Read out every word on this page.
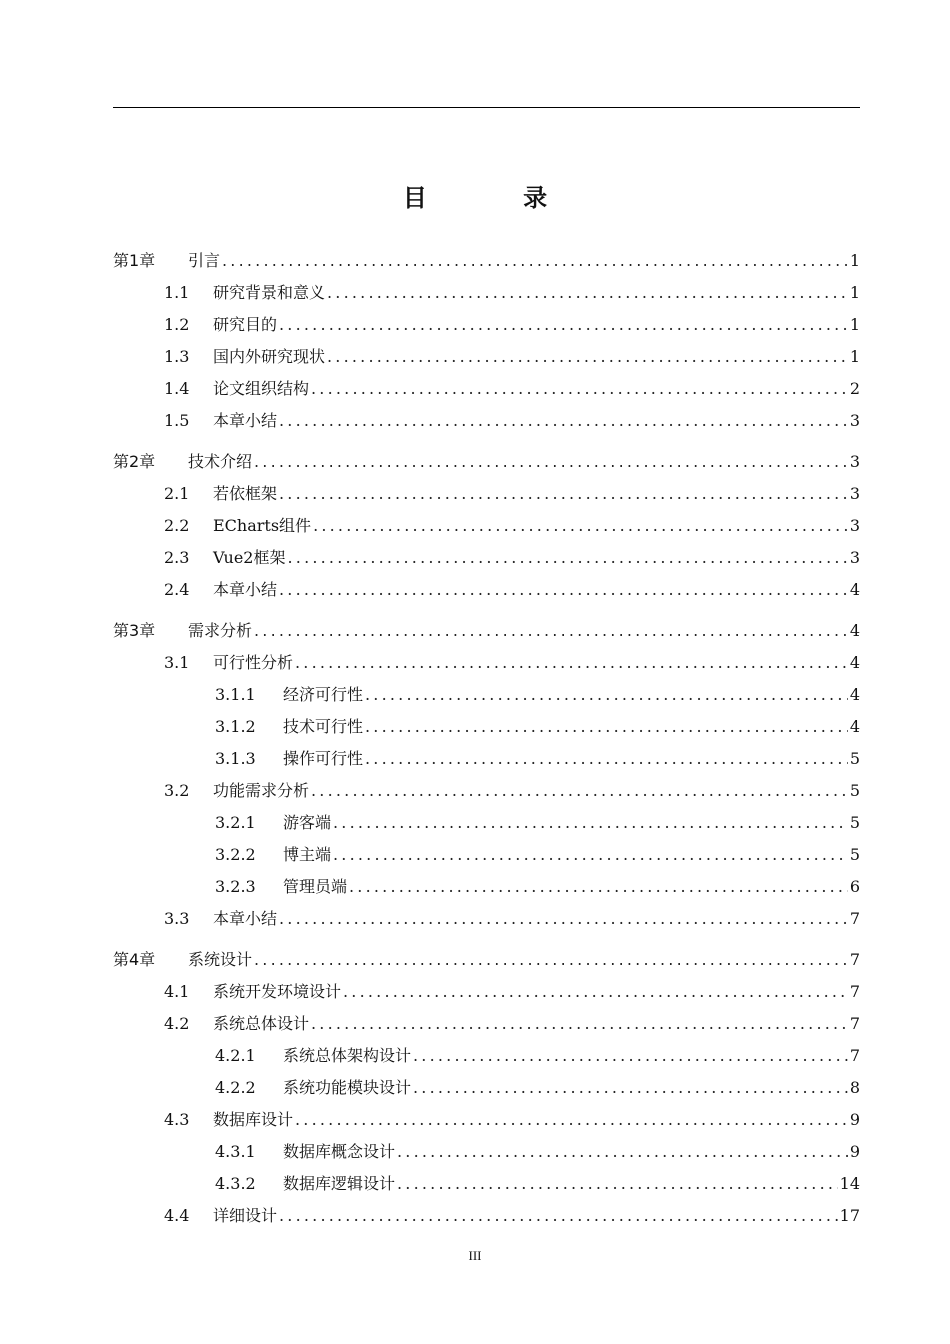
目 录
第1章	引言 .....	1
1.1	研究背景和意义 .....	1
1.2	研究目的 .....	1
1.3	国内外研究现状 .....	1
1.4	论文组织结构 .....	2
1.5	本章小结 .....	3
第2章	技术介绍 .....	3
2.1	若依框架 .....	3
2.2	ECharts组件 .....	3
2.3	Vue2框架 .....	3
2.4	本章小结 .....	4
第3章	需求分析 .....	4
3.1	可行性分析 .....	4
3.1.1	经济可行性 .....	4
3.1.2	技术可行性 .....	4
3.1.3	操作可行性 .....	5
3.2	功能需求分析 .....	5
3.2.1	游客端 .....	5
3.2.2	博主端 .....	5
3.2.3	管理员端 .....	6
3.3	本章小结 .....	7
第4章	系统设计 .....	7
4.1	系统开发环境设计 .....	7
4.2	系统总体设计 .....	7
4.2.1	系统总体架构设计 .....	7
4.2.2	系统功能模块设计 .....	8
4.3	数据库设计 .....	9
4.3.1	数据库概念设计 .....	9
4.3.2	数据库逻辑设计 .....	14
4.4	详细设计 .....	17
III
